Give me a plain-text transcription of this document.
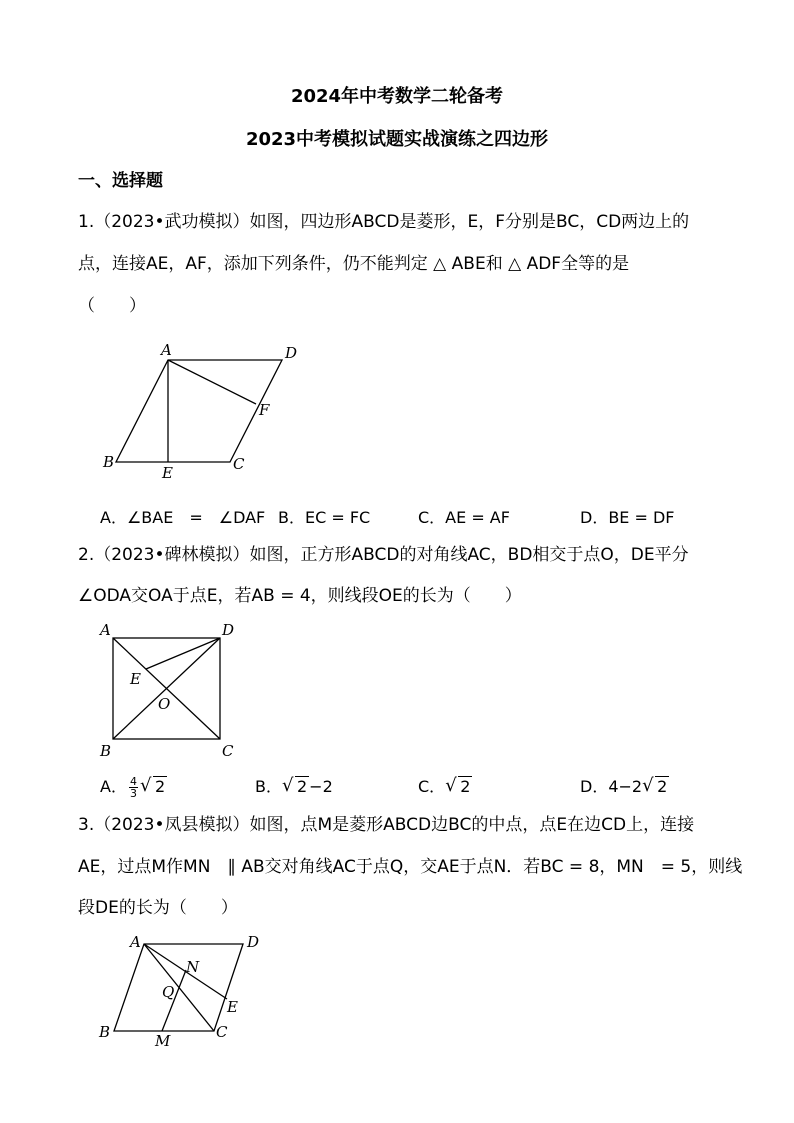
2024年中考数学二轮备考
2023中考模拟试题实战演练之四边形
一、选择题
1.（2023•武功模拟）如图，四边形ABCD是菱形，E，F分别是BC，CD两边上的
点，连接AE，AF，添加下列条件，仍不能判定 △ ABE和 △ ADF全等的是
（　　）
A	D
F
B
E	C
A．∠BAE　=　∠DAF B．EC = FC	C．AE = AF	D．BE = DF
2.（2023•碑林模拟）如图，正方形ABCD的对角线AC，BD相交于点O，DE平分
∠ODA交OA于点E，若AB = 4，则线段OE的长为（　　）
A	D
E
O
B	C
A． $\frac{4}{3}$ √ 2	B． √ 2 −2	C． √ 2	D．4−2 √ 2
3.（2023•凤县模拟）如图，点M是菱形ABCD边BC的中点，点E在边CD上，连接
AE，过点M作MN　∥ AB交对角线AC于点Q，交AE于点N．若BC = 8，MN　= 5，则线
段DE的长为（　　）
A	D
N
Q
E
B	C
M
